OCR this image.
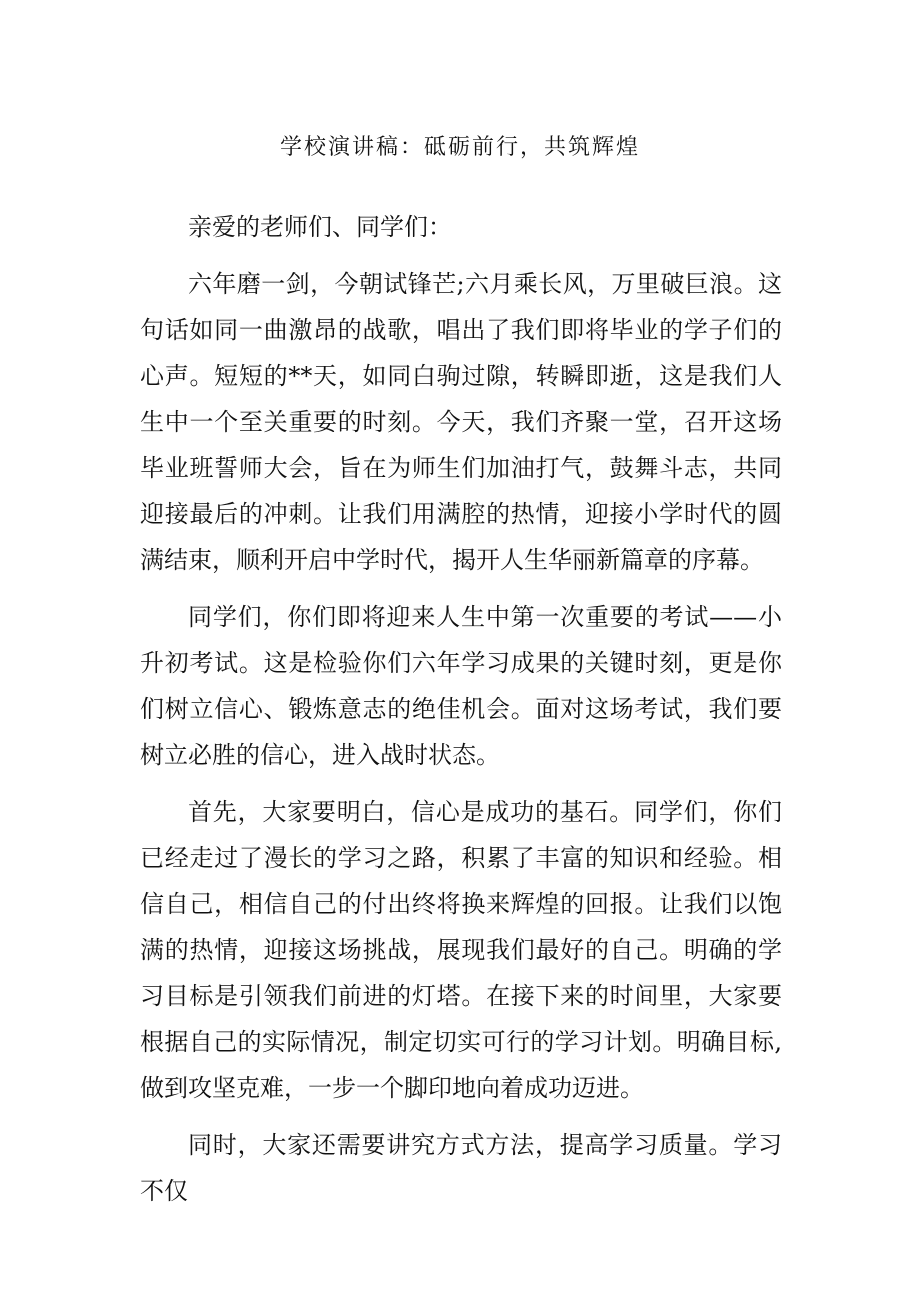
学校演讲稿：砥砺前行，共筑辉煌

亲爱的老师们、同学们：

六年磨一剑，今朝试锋芒;六月乘长风，万里破巨浪。这句话如同一曲激昂的战歌，唱出了我们即将毕业的学子们的心声。短短的**天，如同白驹过隙，转瞬即逝，这是我们人生中一个至关重要的时刻。今天，我们齐聚一堂，召开这场毕业班誓师大会，旨在为师生们加油打气，鼓舞斗志，共同迎接最后的冲刺。让我们用满腔的热情，迎接小学时代的圆满结束，顺利开启中学时代，揭开人生华丽新篇章的序幕。

同学们，你们即将迎来人生中第一次重要的考试——小升初考试。这是检验你们六年学习成果的关键时刻，更是你们树立信心、锻炼意志的绝佳机会。面对这场考试，我们要树立必胜的信心，进入战时状态。

首先，大家要明白，信心是成功的基石。同学们，你们已经走过了漫长的学习之路，积累了丰富的知识和经验。相信自己，相信自己的付出终将换来辉煌的回报。让我们以饱满的热情，迎接这场挑战，展现我们最好的自己。明确的学习目标是引领我们前进的灯塔。在接下来的时间里，大家要根据自己的实际情况，制定切实可行的学习计划。明确目标,做到攻坚克难，一步一个脚印地向着成功迈进。

同时，大家还需要讲究方式方法，提高学习质量。学习不仅
